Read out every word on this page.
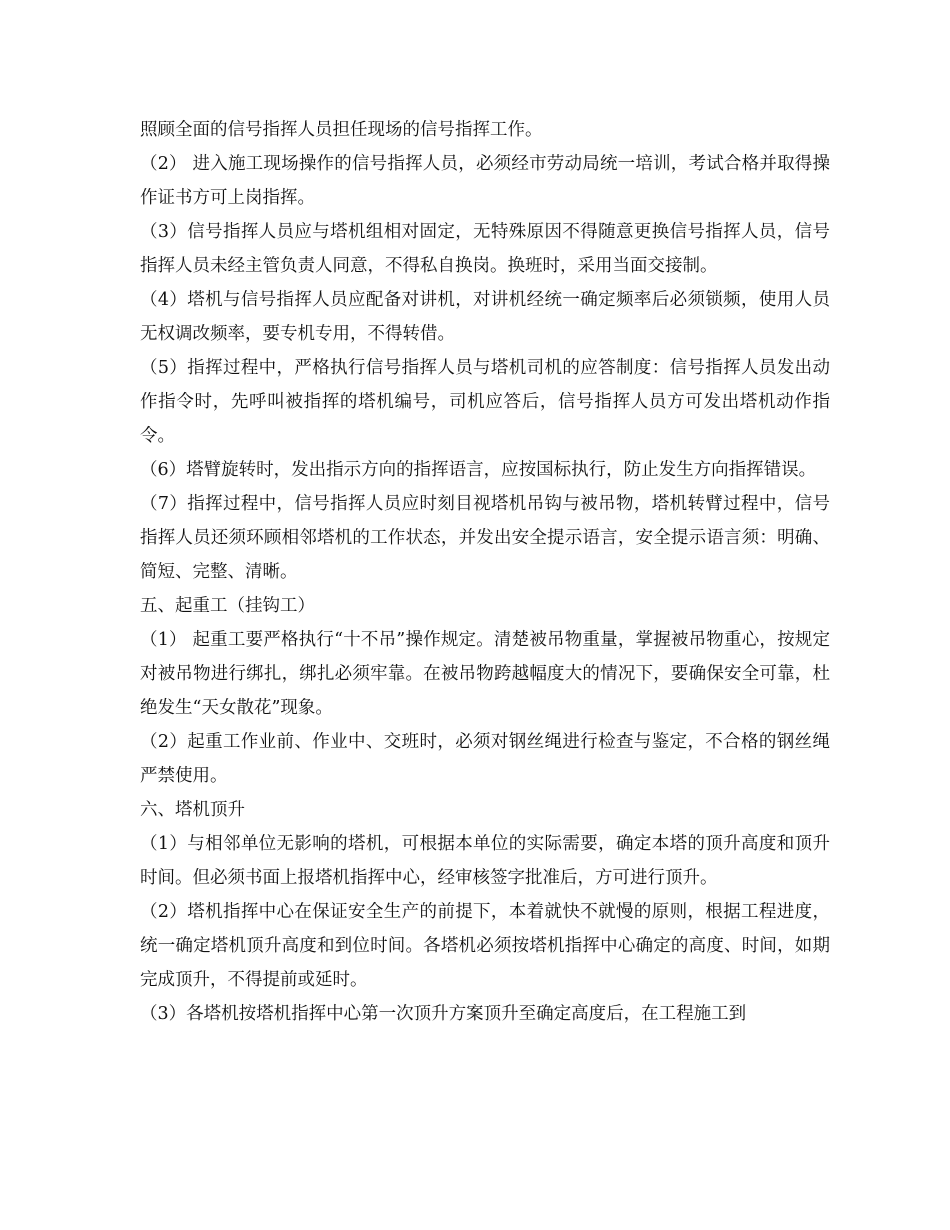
照顾全面的信号指挥人员担任现场的信号指挥工作。

（2） 进入施工现场操作的信号指挥人员，必须经市劳动局统一培训，考试合格并取得操作证书方可上岗指挥。

（3）信号指挥人员应与塔机组相对固定，无特殊原因不得随意更换信号指挥人员，信号指挥人员未经主管负责人同意，不得私自换岗。换班时，采用当面交接制。

（4）塔机与信号指挥人员应配备对讲机，对讲机经统一确定频率后必须锁频，使用人员无权调改频率，要专机专用，不得转借。

（5）指挥过程中，严格执行信号指挥人员与塔机司机的应答制度：信号指挥人员发出动作指令时，先呼叫被指挥的塔机编号，司机应答后，信号指挥人员方可发出塔机动作指令。

（6）塔臂旋转时，发出指示方向的指挥语言，应按国标执行，防止发生方向指挥错误。

（7）指挥过程中，信号指挥人员应时刻目视塔机吊钩与被吊物，塔机转臂过程中，信号指挥人员还须环顾相邻塔机的工作状态，并发出安全提示语言，安全提示语言须：明确、简短、完整、清晰。

五、起重工（挂钩工）

（1） 起重工要严格执行“十不吊”操作规定。清楚被吊物重量，掌握被吊物重心，按规定对被吊物进行绑扎，绑扎必须牢靠。在被吊物跨越幅度大的情况下，要确保安全可靠，杜绝发生“天女散花”现象。

（2）起重工作业前、作业中、交班时，必须对钢丝绳进行检查与鉴定，不合格的钢丝绳严禁使用。

六、塔机顶升

（1）与相邻单位无影响的塔机，可根据本单位的实际需要，确定本塔的顶升高度和顶升时间。但必须书面上报塔机指挥中心，经审核签字批准后，方可进行顶升。

（2）塔机指挥中心在保证安全生产的前提下，本着就快不就慢的原则，根据工程进度，统一确定塔机顶升高度和到位时间。各塔机必须按塔机指挥中心确定的高度、时间，如期完成顶升，不得提前或延时。

（3）各塔机按塔机指挥中心第一次顶升方案顶升至确定高度后，在工程施工到
